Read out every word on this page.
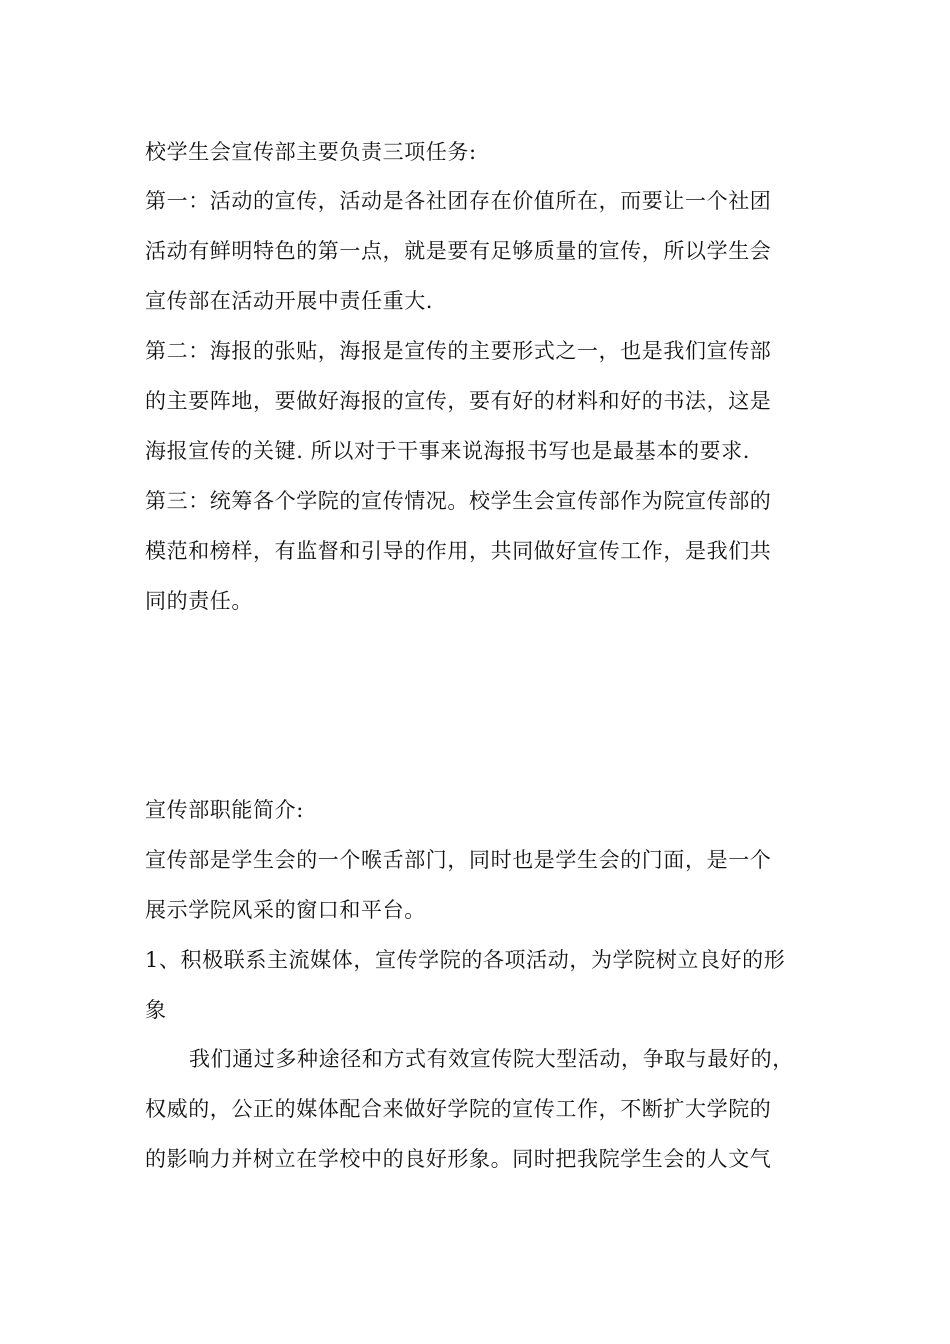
校学生会宣传部主要负责三项任务:
第一：活动的宣传，活动是各社团存在价值所在，而要让一个社团
活动有鲜明特色的第一点，就是要有足够质量的宣传，所以学生会
宣传部在活动开展中责任重大.
第二：海报的张贴，海报是宣传的主要形式之一，也是我们宣传部
的主要阵地，要做好海报的宣传，要有好的材料和好的书法，这是
海报宣传的关键. 所以对于干事来说海报书写也是最基本的要求.
第三：统筹各个学院的宣传情况。校学生会宣传部作为院宣传部的
模范和榜样，有监督和引导的作用，共同做好宣传工作，是我们共
同的责任。
宣传部职能简介:
宣传部是学生会的一个喉舌部门，同时也是学生会的门面，是一个
展示学院风采的窗口和平台。
1、积极联系主流媒体，宣传学院的各项活动，为学院树立良好的形
象
我们通过多种途径和方式有效宣传院大型活动，争取与最好的，
权威的，公正的媒体配合来做好学院的宣传工作，不断扩大学院的
的影响力并树立在学校中的良好形象。同时把我院学生会的人文气
